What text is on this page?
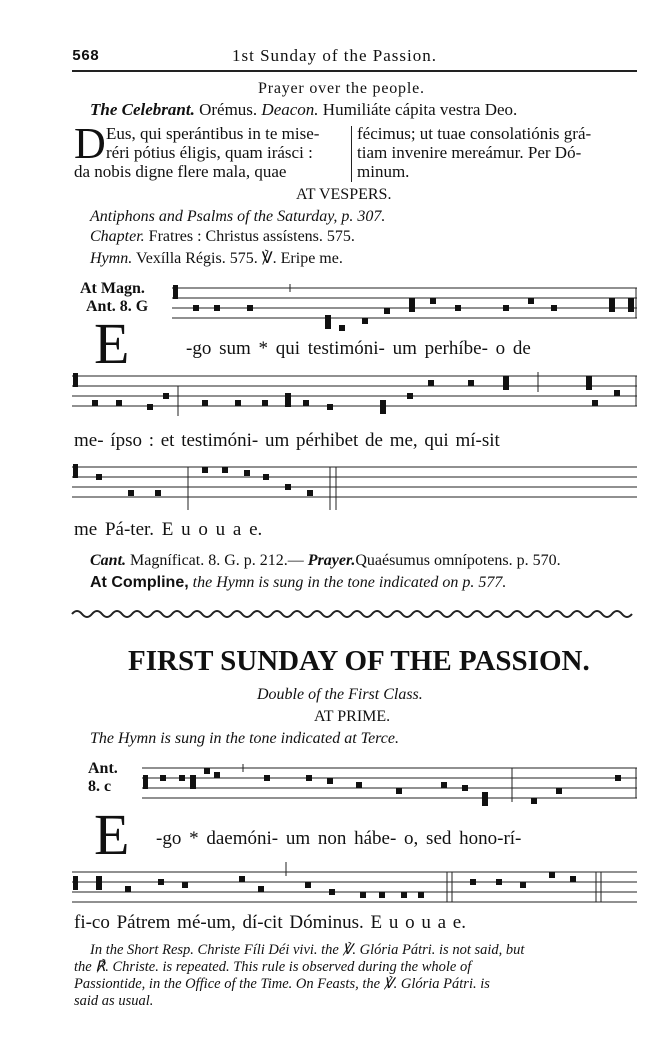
568	1st Sunday of the Passion.
Prayer over the people.
The Celebrant. Orémus. Deacon. Humiliáte cápita vestra Deo.
D Eus, qui sperántibus in te mise-
réri pótius éligis, quam irásci :
da nobis digne flere mala, quae
fécimus; ut tuae consolatiónis grá-
tiam invenire mereámur. Per Dó-
minum.
AT VESPERS.
Antiphons and Psalms of the Saturday, p. 307.
Chapter. Fratres : Christus assístens. 575.
Hymn. Vexílla Régis. 575. ℣. Eripe me.
At Magn.
Ant. 8. G
E	-go sum * qui testimóni- um perhíbe- o de
me- ípso : et testimóni- um pérhibet de me, qui mí-sit
me Pá-ter. E u o u a e.
Cant. Magníficat. 8. G. p. 212.— Prayer.Quaésumus omnípotens. p. 570.
At Compline, the Hymn is sung in the tone indicated on p. 577.
FIRST SUNDAY OF THE PASSION.
Double of the First Class.
AT PRIME.
The Hymn is sung in the tone indicated at Terce.
Ant.
8. c
E -go * daemóni- um non hábe- o, sed hono-rí-
fi-co Pátrem mé-um, dí-cit Dóminus. E u o u a e.
In the Short Resp. Christe Fíli Déi vivi. the ℣. Glória Pátri. is not said, but
the ℟. Christe. is repeated. This rule is observed during the whole of
Passiontide, in the Office of the Time. On Feasts, the ℣. Glória Pátri. is
said as usual.
